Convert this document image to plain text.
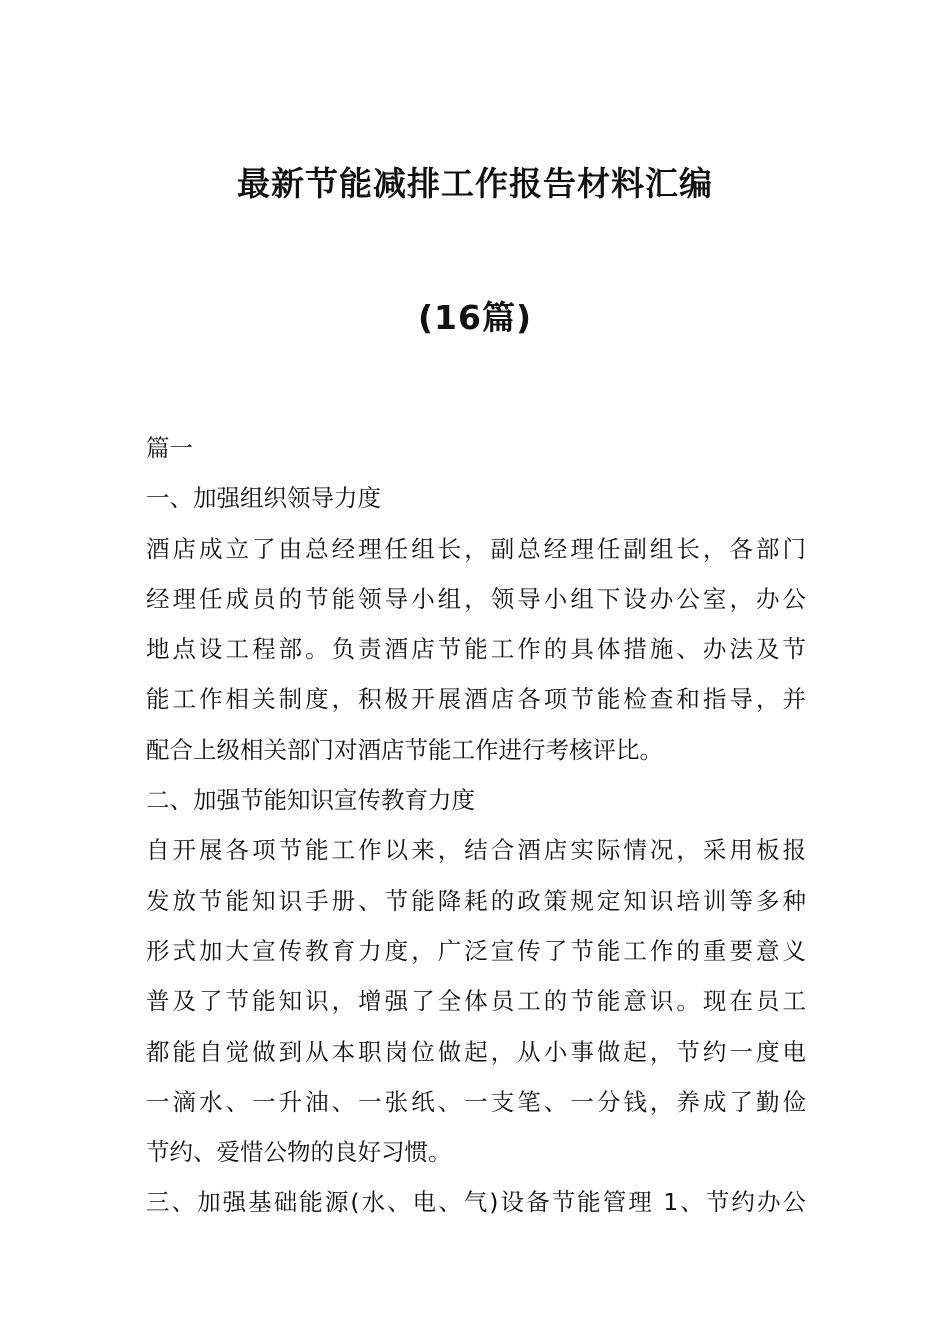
最新节能减排工作报告材料汇编
(16篇)
篇一
一、加强组织领导力度
酒店成立了由总经理任组长，副总经理任副组长，各部门
经理任成员的节能领导小组，领导小组下设办公室，办公
地点设工程部。负责酒店节能工作的具体措施、办法及节
能工作相关制度，积极开展酒店各项节能检查和指导，并
配合上级相关部门对酒店节能工作进行考核评比。
二、加强节能知识宣传教育力度
自开展各项节能工作以来，结合酒店实际情况，采用板报
发放节能知识手册、节能降耗的政策规定知识培训等多种
形式加大宣传教育力度，广泛宣传了节能工作的重要意义
普及了节能知识，增强了全体员工的节能意识。现在员工
都能自觉做到从本职岗位做起，从小事做起，节约一度电
一滴水、一升油、一张纸、一支笔、一分钱，养成了勤俭
节约、爱惜公物的良好习惯。
三、加强基础能源(水、电、气)设备节能管理 1、节约办公
